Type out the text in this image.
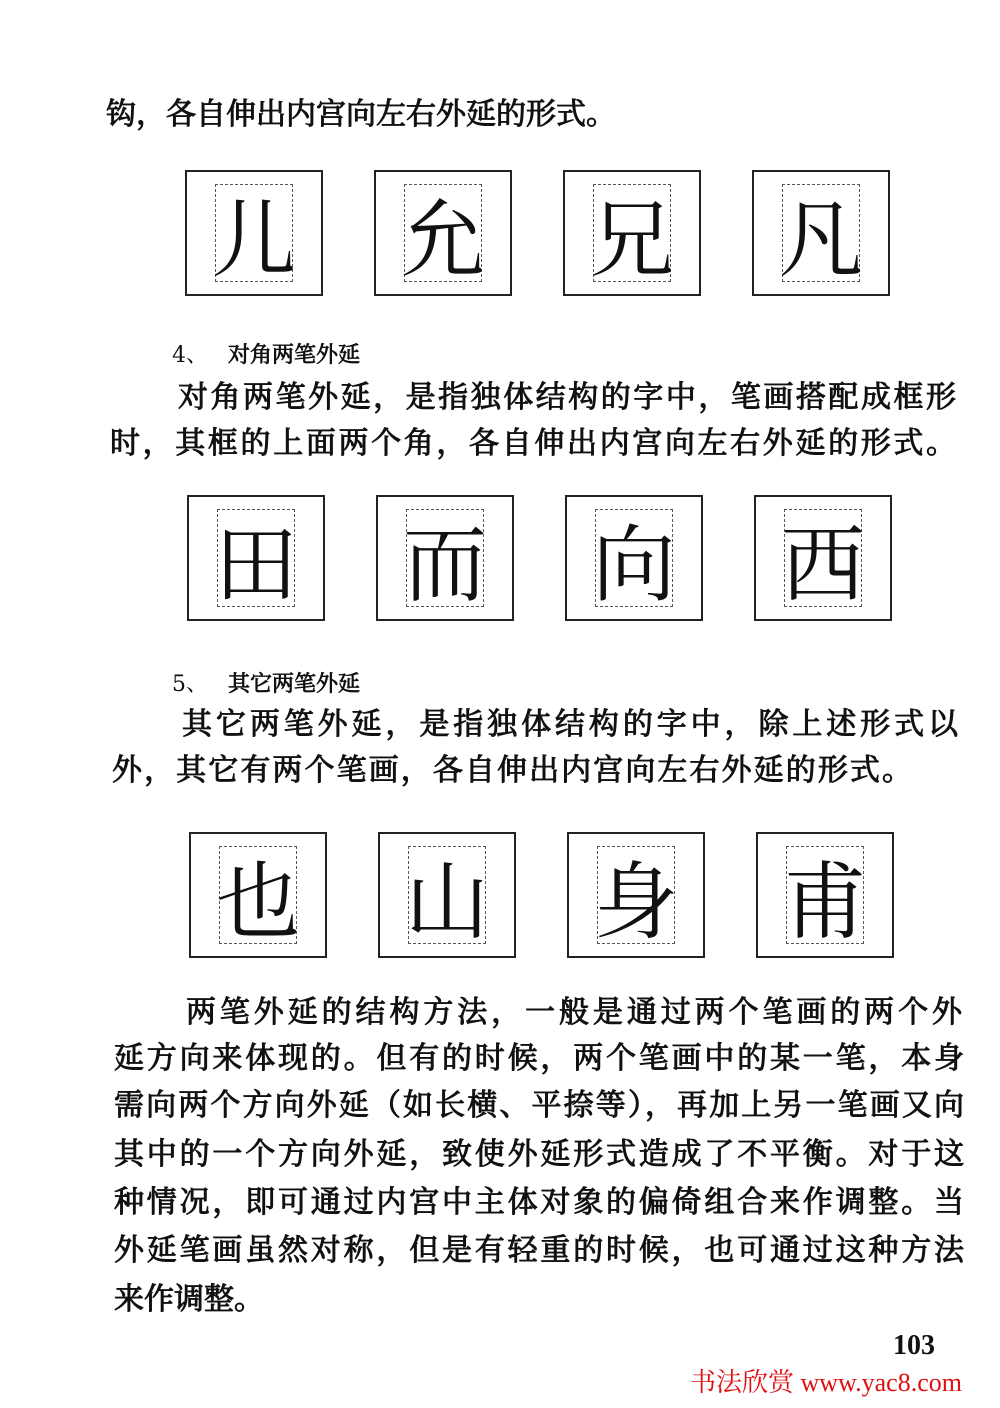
钩，各自伸出内宫向左右外延的形式。
儿 允 兄 凡
4、 对角两笔外延
对角两笔外延，是指独体结构的字中，笔画搭配成框形
时，其框的上面两个角，各自伸出内宫向左右外延的形式。
田 而 向 西
5、 其它两笔外延
其它两笔外延，是指独体结构的字中，除上述形式以
外，其它有两个笔画，各自伸出内宫向左右外延的形式。
也 山 身 甫
两笔外延的结构方法，一般是通过两个笔画的两个外
延方向来体现的。但有的时候，两个笔画中的某一笔，本身
需向两个方向外延（如长横、平捺等），再加上另一笔画又向
其中的一个方向外延，致使外延形式造成了不平衡。对于这
种情况，即可通过内宫中主体对象的偏倚组合来作调整。当
外延笔画虽然对称，但是有轻重的时候，也可通过这种方法
来作调整。
103
书法欣赏 www.yac8.com
